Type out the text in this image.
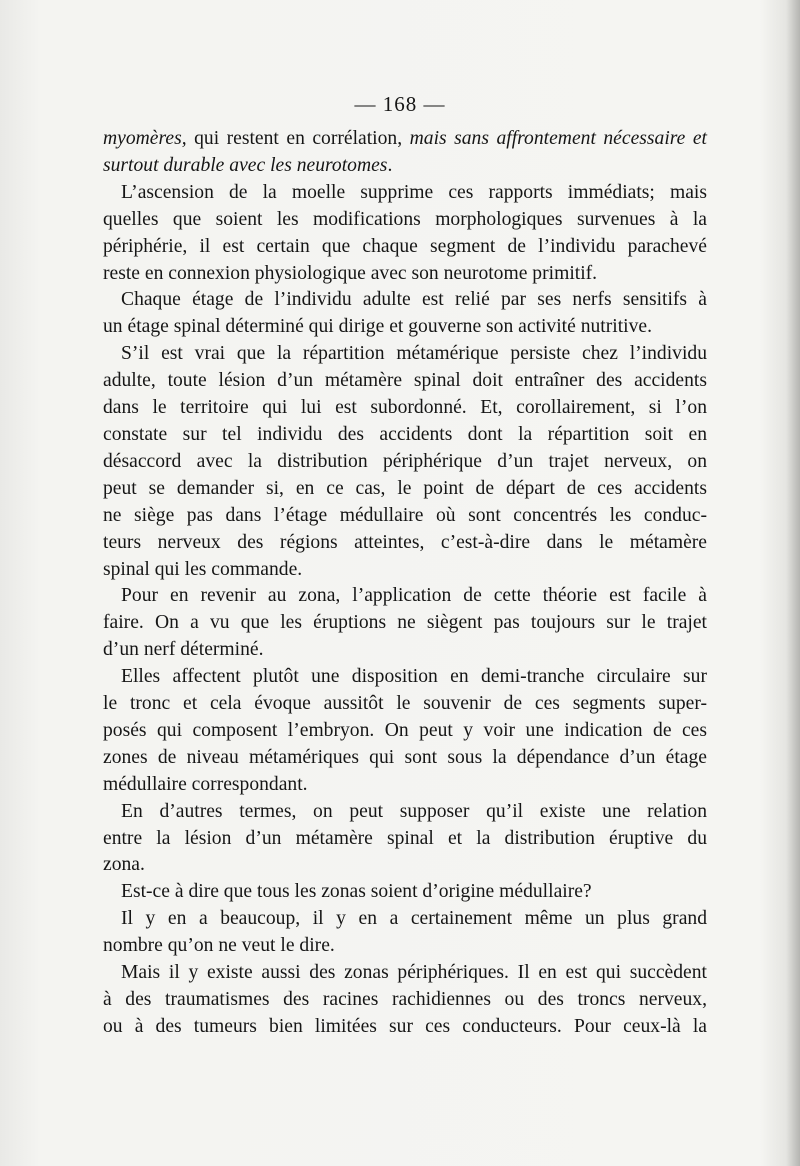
— 168 —

myomères, qui restent en corrélation, mais sans affrontement nécessaire et

surtout durable avec les neurotomes.

L’ascension de la moelle supprime ces rapports immédiats; mais

quelles que soient les modifications morphologiques survenues à la

périphérie, il est certain que chaque segment de l’individu parachevé

reste en connexion physiologique avec son neurotome primitif.

Chaque étage de l’individu adulte est relié par ses nerfs sensitifs à

un étage spinal déterminé qui dirige et gouverne son activité nutritive.

S’il est vrai que la répartition métamérique persiste chez l’individu

adulte, toute lésion d’un métamère spinal doit entraîner des accidents

dans le territoire qui lui est subordonné. Et, corollairement, si l’on

constate sur tel individu des accidents dont la répartition soit en

désaccord avec la distribution périphérique d’un trajet nerveux, on

peut se demander si, en ce cas, le point de départ de ces accidents

ne siège pas dans l’étage médullaire où sont concentrés les conduc-

teurs nerveux des régions atteintes, c’est-à-dire dans le métamère

spinal qui les commande.

Pour en revenir au zona, l’application de cette théorie est facile à

faire. On a vu que les éruptions ne siègent pas toujours sur le trajet

d’un nerf déterminé.

Elles affectent plutôt une disposition en demi-tranche circulaire sur

le tronc et cela évoque aussitôt le souvenir de ces segments super-

posés qui composent l’embryon. On peut y voir une indication de ces

zones de niveau métamériques qui sont sous la dépendance d’un étage

médullaire correspondant.

En d’autres termes, on peut supposer qu’il existe une relation

entre la lésion d’un métamère spinal et la distribution éruptive du

zona.

Est-ce à dire que tous les zonas soient d’origine médullaire?

Il y en a beaucoup, il y en a certainement même un plus grand

nombre qu’on ne veut le dire.

Mais il y existe aussi des zonas périphériques. Il en est qui succèdent

à des traumatismes des racines rachidiennes ou des troncs nerveux,

ou à des tumeurs bien limitées sur ces conducteurs. Pour ceux-là la
